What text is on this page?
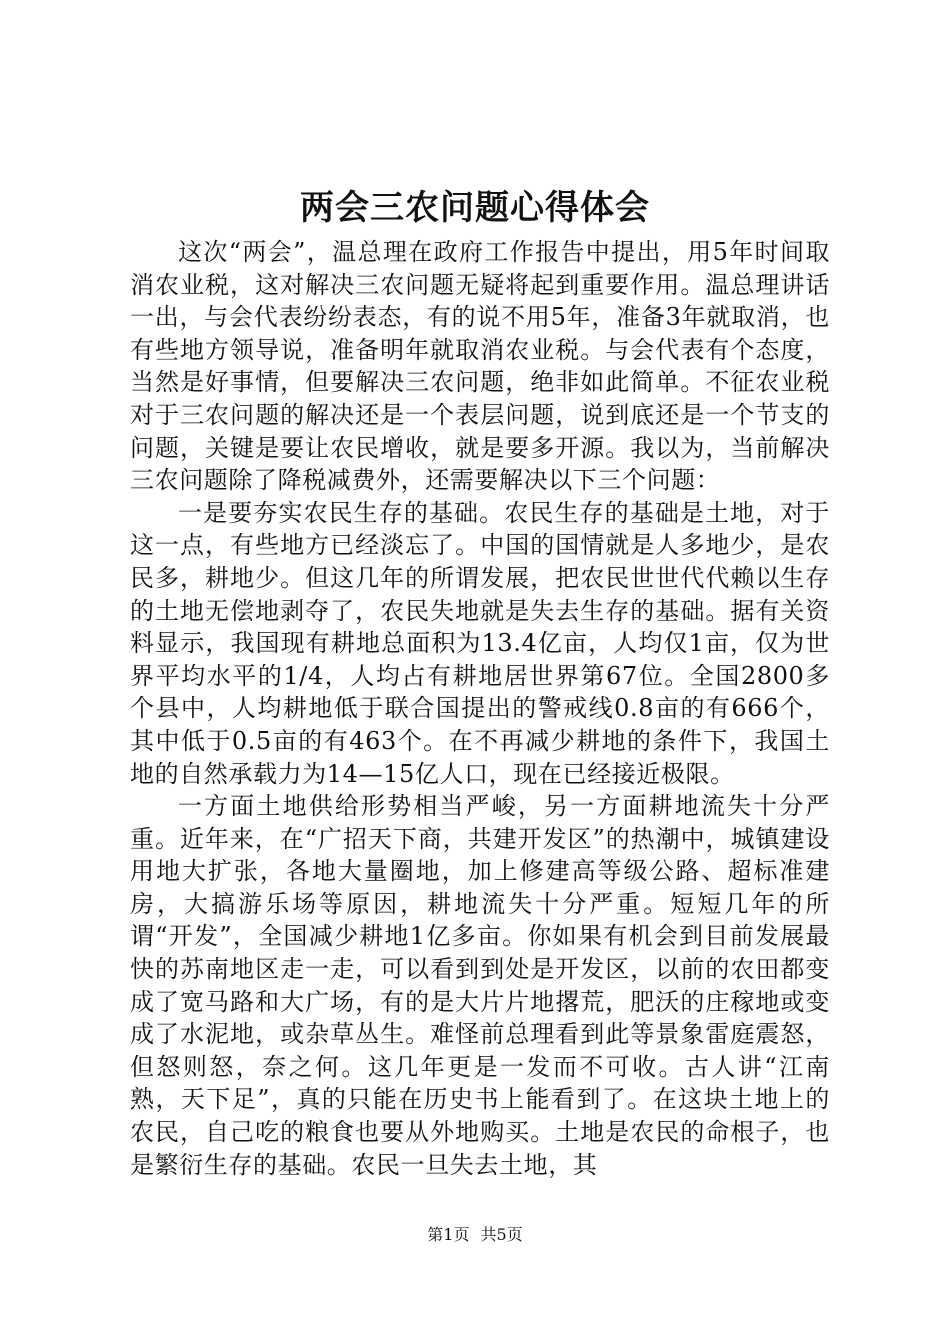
两会三农问题心得体会

这次“两会”，温总理在政府工作报告中提出，用5年时间取消农业税，这对解决三农问题无疑将起到重要作用。温总理讲话一出，与会代表纷纷表态，有的说不用5年，准备3年就取消，也有些地方领导说，准备明年就取消农业税。与会代表有个态度，当然是好事情，但要解决三农问题，绝非如此简单。不征农业税对于三农问题的解决还是一个表层问题，说到底还是一个节支的问题，关键是要让农民增收，就是要多开源。我以为，当前解决三农问题除了降税减费外，还需要解决以下三个问题：

一是要夯实农民生存的基础。农民生存的基础是土地，对于这一点，有些地方已经淡忘了。中国的国情就是人多地少，是农民多，耕地少。但这几年的所谓发展，把农民世世代代赖以生存的土地无偿地剥夺了，农民失地就是失去生存的基础。据有关资料显示，我国现有耕地总面积为13.4亿亩，人均仅1亩，仅为世界平均水平的1/4，人均占有耕地居世界第67位。全国2800多个县中，人均耕地低于联合国提出的警戒线0.8亩的有666个，其中低于0.5亩的有463个。在不再减少耕地的条件下，我国土地的自然承载力为14—15亿人口，现在已经接近极限。

一方面土地供给形势相当严峻，另一方面耕地流失十分严重。近年来，在“广招天下商，共建开发区”的热潮中，城镇建设用地大扩张，各地大量圈地，加上修建高等级公路、超标准建房，大搞游乐场等原因，耕地流失十分严重。短短几年的所谓“开发”，全国减少耕地1亿多亩。你如果有机会到目前发展最快的苏南地区走一走，可以看到到处是开发区，以前的农田都变成了宽马路和大广场，有的是大片片地撂荒，肥沃的庄稼地或变成了水泥地，或杂草丛生。难怪前总理看到此等景象雷庭震怒，但怒则怒，奈之何。这几年更是一发而不可收。古人讲“江南熟，天下足”，真的只能在历史书上能看到了。在这块土地上的农民，自己吃的粮食也要从外地购买。土地是农民的命根子，也是繁衍生存的基础。农民一旦失去土地，其

第1页 共5页
